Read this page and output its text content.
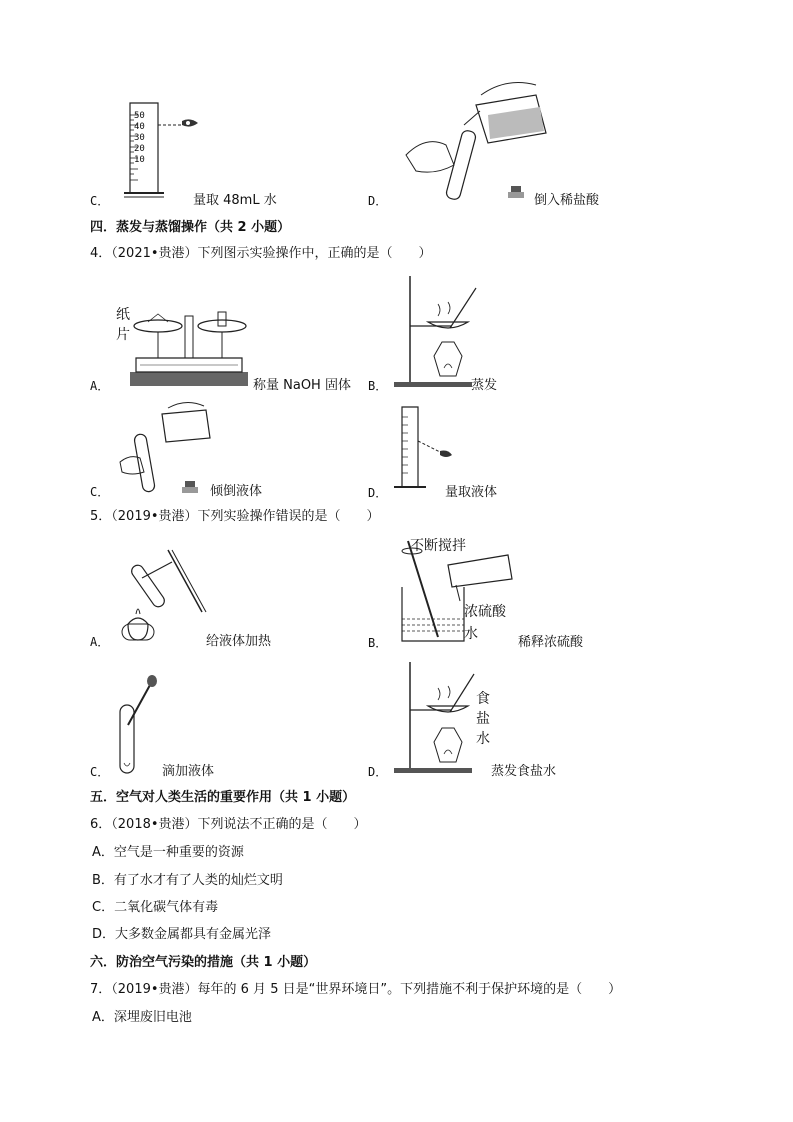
50
40
30
20
10
C．	量取 48mL 水	D．	倒入稀盐酸
四．蒸发与蒸馏操作（共 2 小题）
4．（2021•贵港）下列图示实验操作中，正确的是（　　）
纸
片
A．	称量 NaOH 固体 B．	蒸发
C．	倾倒液体	D．	量取液体
5．（2019•贵港）下列实验操作错误的是（　　）
A．	给液体加热
不断搅拌
浓硫酸
水
B．	稀释浓硫酸
C．	滴加液体
食
盐
水
D．	蒸发食盐水
五．空气对人类生活的重要作用（共 1 小题）
6．（2018•贵港）下列说法不正确的是（　　）
A．空气是一种重要的资源
B．有了水才有了人类的灿烂文明
C．二氧化碳气体有毒
D．大多数金属都具有金属光泽
六．防治空气污染的措施（共 1 小题）
7．（2019•贵港）每年的 6 月 5 日是“世界环境日”。下列措施不利于保护环境的是（　　）
A．深埋废旧电池
